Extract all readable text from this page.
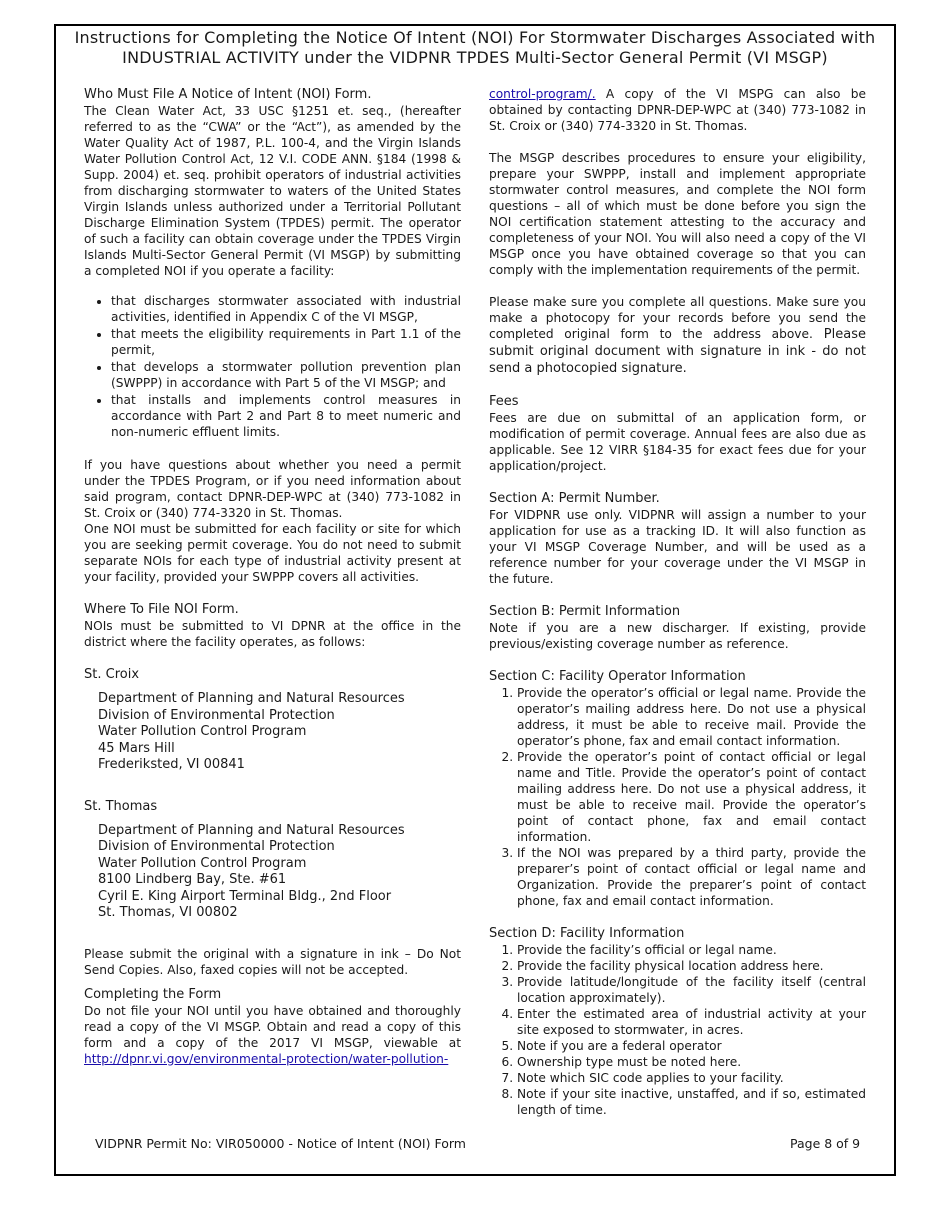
Instructions for Completing the Notice Of Intent (NOI) For Stormwater Discharges Associated with
INDUSTRIAL ACTIVITY under the VIDPNR TPDES Multi-Sector General Permit (VI MSGP)
Who Must File A Notice of Intent (NOI) Form.

The Clean Water Act, 33 USC §1251 et. seq., (hereafter referred to as the “CWA” or the “Act”), as amended by the Water Quality Act of 1987, P.L. 100-4, and the Virgin Islands Water Pollution Control Act, 12 V.I. CODE ANN. §184 (1998 & Supp. 2004) et. seq. prohibit operators of industrial activities from discharging stormwater to waters of the United States Virgin Islands unless authorized under a Territorial Pollutant Discharge Elimination System (TPDES) permit. The operator of such a facility can obtain coverage under the TPDES Virgin Islands Multi-Sector General Permit (VI MSGP) by submitting a completed NOI if you operate a facility:

• that discharges stormwater associated with industrial activities, identified in Appendix C of the VI MSGP,
• that meets the eligibility requirements in Part 1.1 of the permit,
• that develops a stormwater pollution prevention plan (SWPPP) in accordance with Part 5 of the VI MSGP; and
• that installs and implements control measures in accordance with Part 2 and Part 8 to meet numeric and non-numeric effluent limits.

If you have questions about whether you need a permit under the TPDES Program, or if you need information about said program, contact DPNR-DEP-WPC at (340) 773-1082 in St. Croix or (340) 774-3320 in St. Thomas.

One NOI must be submitted for each facility or site for which you are seeking permit coverage. You do not need to submit separate NOIs for each type of industrial activity present at your facility, provided your SWPPP covers all activities.

Where To File NOI Form.

NOIs must be submitted to VI DPNR at the office in the district where the facility operates, as follows:

St. Croix
Department of Planning and Natural Resources
Division of Environmental Protection
Water Pollution Control Program
45 Mars Hill
Frederiksted, VI 00841
St. Thomas
Department of Planning and Natural Resources
Division of Environmental Protection
Water Pollution Control Program
8100 Lindberg Bay, Ste. #61
Cyril E. King Airport Terminal Bldg., 2nd Floor
St. Thomas, VI 00802

Please submit the original with a signature in ink – Do Not Send Copies. Also, faxed copies will not be accepted.

Completing the Form

Do not file your NOI until you have obtained and thoroughly read a copy of the VI MSGP. Obtain and read a copy of this form and a copy of the 2017 VI MSGP, viewable at http://dpnr.vi.gov/environmental-protection/water-pollution-

control-program/. A copy of the VI MSPG can also be obtained by contacting DPNR-DEP-WPC at (340) 773-1082 in St. Croix or (340) 774-3320 in St. Thomas.

The MSGP describes procedures to ensure your eligibility, prepare your SWPPP, install and implement appropriate stormwater control measures, and complete the NOI form questions – all of which must be done before you sign the NOI certification statement attesting to the accuracy and completeness of your NOI. You will also need a copy of the VI MSGP once you have obtained coverage so that you can comply with the implementation requirements of the permit.

Please make sure you complete all questions. Make sure you make a photocopy for your records before you send the completed original form to the address above. Please submit original document with signature in ink - do not send a photocopied signature.

Fees

Fees are due on submittal of an application form, or modification of permit coverage. Annual fees are also due as applicable. See 12 VIRR §184-35 for exact fees due for your application/project.

Section A: Permit Number.

For VIDPNR use only. VIDPNR will assign a number to your application for use as a tracking ID. It will also function as your VI MSGP Coverage Number, and will be used as a reference number for your coverage under the VI MSGP in the future.

Section B: Permit Information

Note if you are a new discharger. If existing, provide previous/existing coverage number as reference.

Section C: Facility Operator Information
1. Provide the operator’s official or legal name. Provide the operator’s mailing address here. Do not use a physical address, it must be able to receive mail. Provide the operator’s phone, fax and email contact information.
2. Provide the operator’s point of contact official or legal name and Title. Provide the operator’s point of contact mailing address here. Do not use a physical address, it must be able to receive mail. Provide the operator’s point of contact phone, fax and email contact information.
3. If the NOI was prepared by a third party, provide the preparer’s point of contact official or legal name and Organization. Provide the preparer’s point of contact phone, fax and email contact information.
Section D: Facility Information
1. Provide the facility’s official or legal name.
2. Provide the facility physical location address here.
3. Provide latitude/longitude of the facility itself (central location approximately).
4. Enter the estimated area of industrial activity at your site exposed to stormwater, in acres.
5. Note if you are a federal operator
6. Ownership type must be noted here.
7. Note which SIC code applies to your facility.
8. Note if your site inactive, unstaffed, and if so, estimated length of time.
VIDPNR Permit No: VIR050000 - Notice of Intent (NOI) Form	Page 8 of 9
